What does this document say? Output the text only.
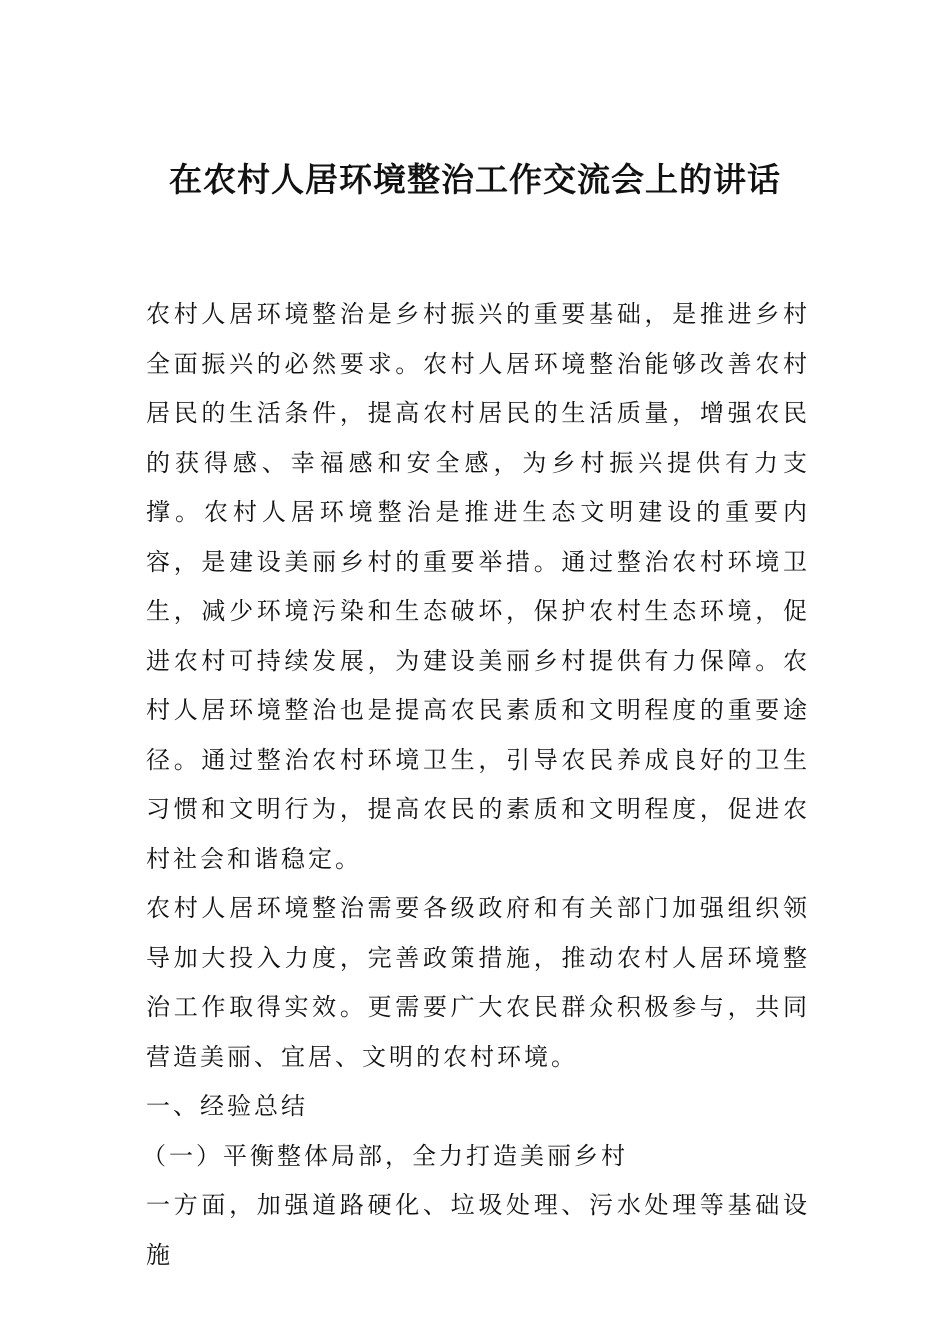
在农村人居环境整治工作交流会上的讲话

农村人居环境整治是乡村振兴的重要基础，是推进乡村全面振兴的必然要求。农村人居环境整治能够改善农村居民的生活条件，提高农村居民的生活质量，增强农民的获得感、幸福感和安全感，为乡村振兴提供有力支撑。农村人居环境整治是推进生态文明建设的重要内容，是建设美丽乡村的重要举措。通过整治农村环境卫生，减少环境污染和生态破坏，保护农村生态环境，促进农村可持续发展，为建设美丽乡村提供有力保障。农村人居环境整治也是提高农民素质和文明程度的重要途径。通过整治农村环境卫生，引导农民养成良好的卫生习惯和文明行为，提高农民的素质和文明程度，促进农村社会和谐稳定。

农村人居环境整治需要各级政府和有关部门加强组织领导加大投入力度，完善政策措施，推动农村人居环境整治工作取得实效。更需要广大农民群众积极参与，共同营造美丽、宜居、文明的农村环境。

一、经验总结

（一）平衡整体局部，全力打造美丽乡村

一方面，加强道路硬化、垃圾处理、污水处理等基础设施
